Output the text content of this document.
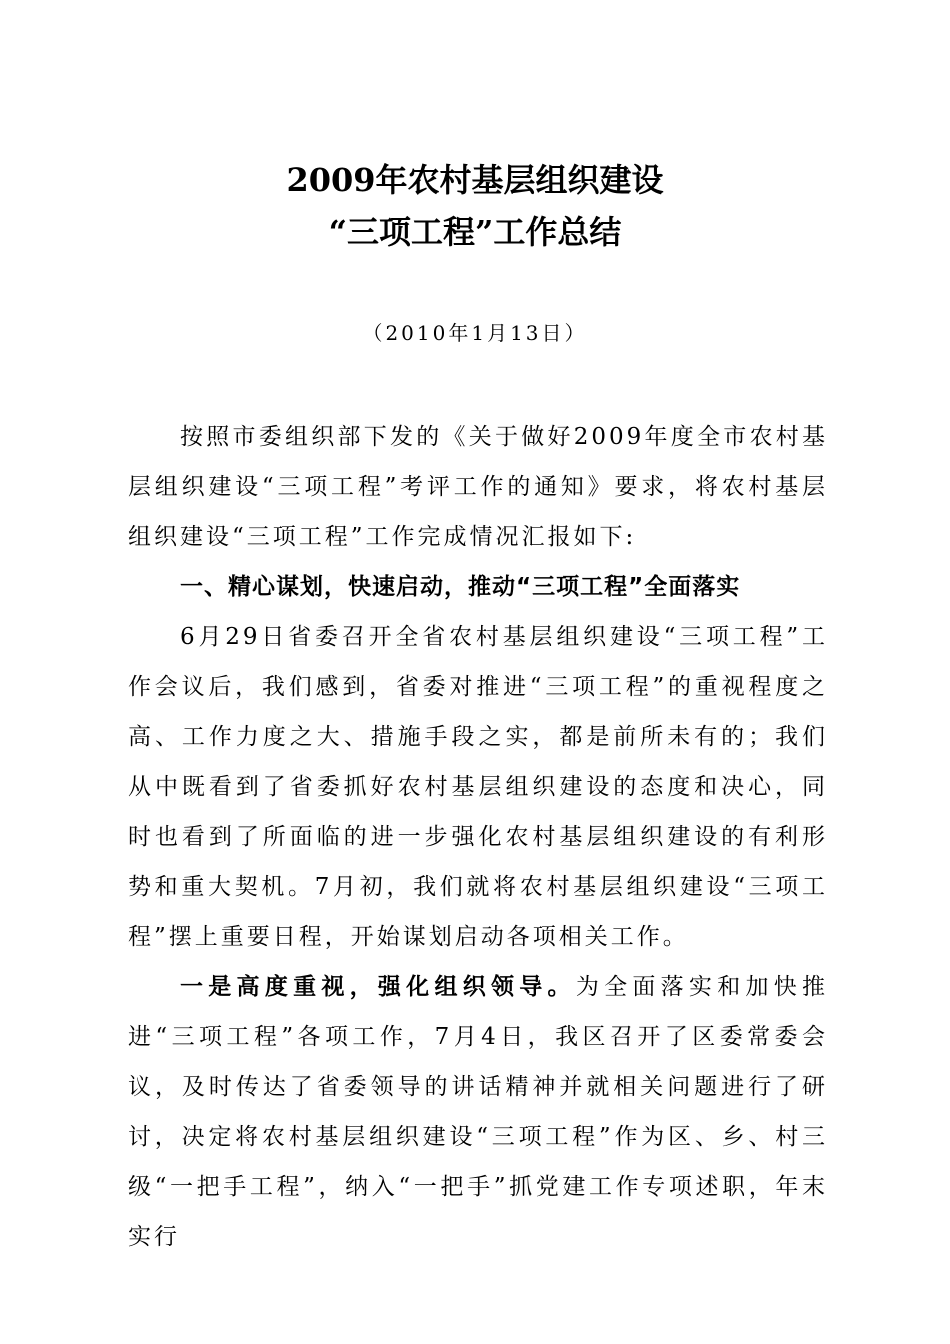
2009年农村基层组织建设
“三项工程”工作总结
（2010年1月13日）

按照市委组织部下发的《关于做好2009年度全市农村基层组织建设“三项工程”考评工作的通知》要求，将农村基层组织建设“三项工程”工作完成情况汇报如下:

一、精心谋划，快速启动，推动“三项工程”全面落实

6月29日省委召开全省农村基层组织建设“三项工程”工作会议后，我们感到，省委对推进“三项工程”的重视程度之高、工作力度之大、措施手段之实，都是前所未有的；我们从中既看到了省委抓好农村基层组织建设的态度和决心，同时也看到了所面临的进一步强化农村基层组织建设的有利形势和重大契机。7月初，我们就将农村基层组织建设“三项工程”摆上重要日程，开始谋划启动各项相关工作。

一是高度重视，强化组织领导。为全面落实和加快推进“三项工程”各项工作，7月4日，我区召开了区委常委会议，及时传达了省委领导的讲话精神并就相关问题进行了研讨，决定将农村基层组织建设“三项工程”作为区、乡、村三级“一把手工程”，纳入“一把手”抓党建工作专项述职，年末实行
